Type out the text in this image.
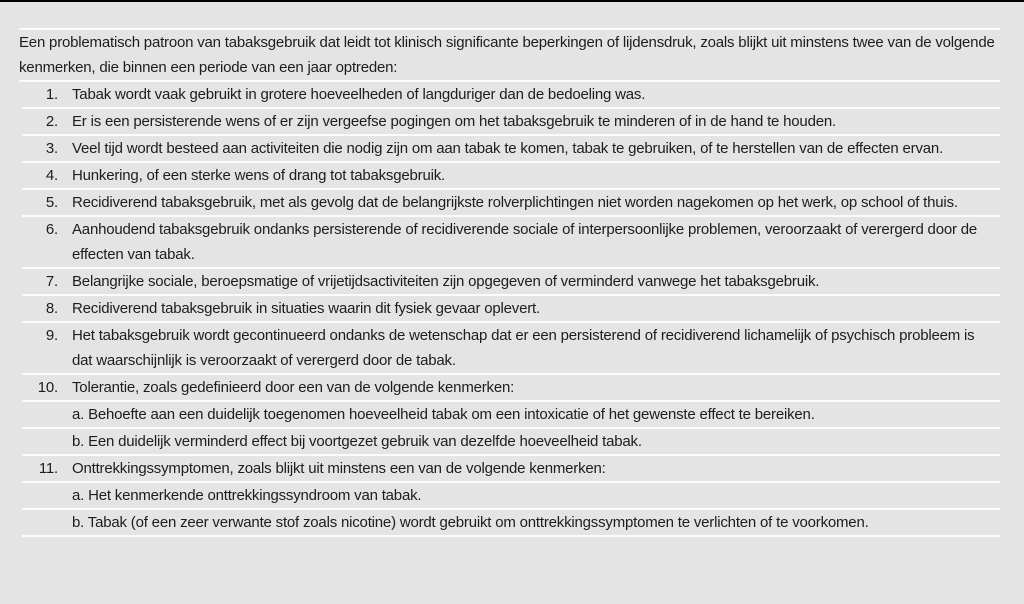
Een problematisch patroon van tabaksgebruik dat leidt tot klinisch significante beperkingen of lijdensdruk, zoals blijkt uit minstens twee van de volgende kenmerken, die binnen een periode van een jaar optreden:
1. Tabak wordt vaak gebruikt in grotere hoeveelheden of langduriger dan de bedoeling was.
2. Er is een persisterende wens of er zijn vergeefse pogingen om het tabaksgebruik te minderen of in de hand te houden.
3. Veel tijd wordt besteed aan activiteiten die nodig zijn om aan tabak te komen, tabak te gebruiken, of te herstellen van de effecten ervan.
4. Hunkering, of een sterke wens of drang tot tabaksgebruik.
5. Recidiverend tabaksgebruik, met als gevolg dat de belangrijkste rolverplichtingen niet worden nagekomen op het werk, op school of thuis.
6. Aanhoudend tabaksgebruik ondanks persisterende of recidiverende sociale of interpersoonlijke problemen, veroorzaakt of verergerd door de effecten van tabak.
7. Belangrijke sociale, beroepsmatige of vrijetijdsactiviteiten zijn opgegeven of verminderd vanwege het tabaksgebruik.
8. Recidiverend tabaksgebruik in situaties waarin dit fysiek gevaar oplevert.
9. Het tabaksgebruik wordt gecontinueerd ondanks de wetenschap dat er een persisterend of recidiverend lichamelijk of psychisch probleem is dat waarschijnlijk is veroorzaakt of verergerd door de tabak.
10. Tolerantie, zoals gedefinieerd door een van de volgende kenmerken:
a. Behoefte aan een duidelijk toegenomen hoeveelheid tabak om een intoxicatie of het gewenste effect te bereiken.
b. Een duidelijk verminderd effect bij voortgezet gebruik van dezelfde hoeveelheid tabak.
11. Onttrekkingssymptomen, zoals blijkt uit minstens een van de volgende kenmerken:
a. Het kenmerkende onttrekkingssyndroom van tabak.
b. Tabak (of een zeer verwante stof zoals nicotine) wordt gebruikt om onttrekkingssymptomen te verlichten of te voorkomen.
